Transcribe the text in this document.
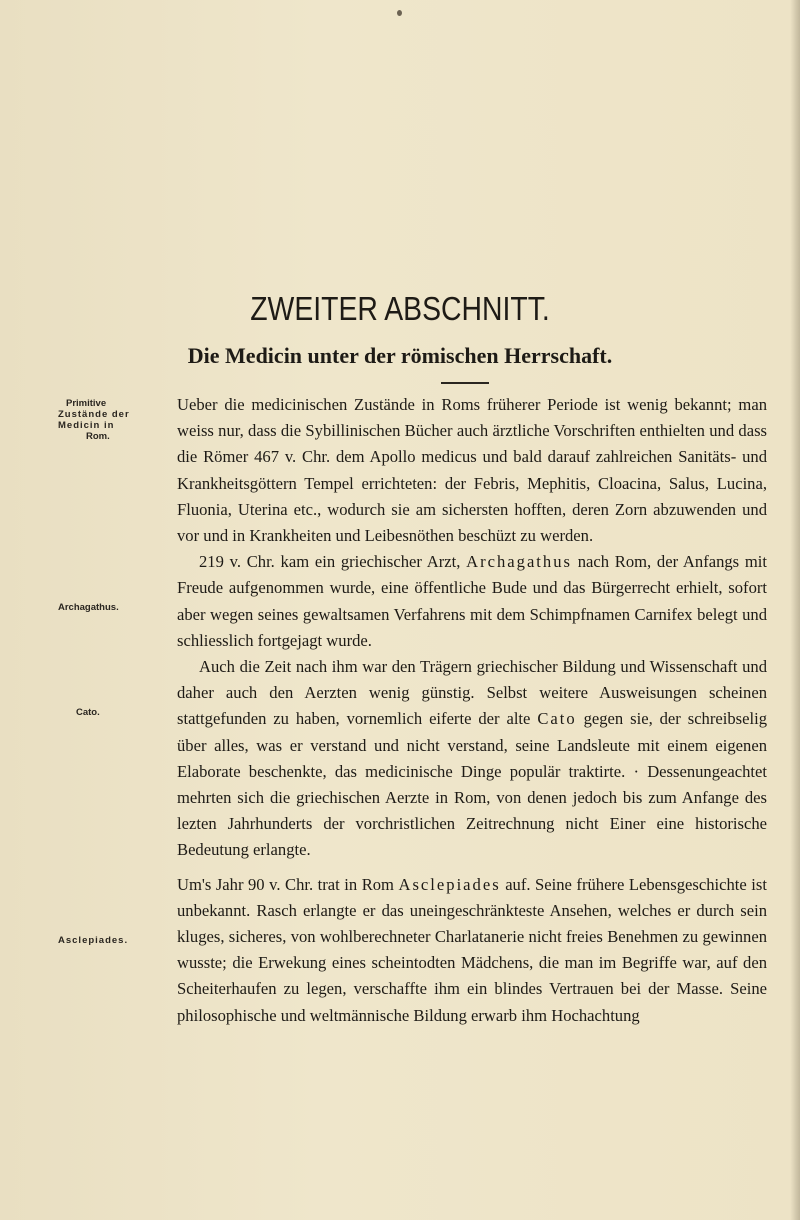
ZWEITER ABSCHNITT.
Die Medicin unter der römischen Herrschaft.
Primitive
Zustände der
Medicin in
Rom.
Archagathus.
Cato.
Asclepiades.

Ueber die medicinischen Zustände in Roms früherer Periode ist wenig bekannt; man weiss nur, dass die Sybillinischen Bücher auch ärztliche Vorschriften enthielten und dass die Römer 467 v. Chr. dem Apollo medicus und bald darauf zahlreichen Sanitäts- und Krankheitsgöttern Tempel errichteten: der Febris, Mephitis, Cloacina, Salus, Lucina, Fluonia, Uterina etc., wodurch sie am sichersten hofften, deren Zorn abzuwenden und vor und in Krankheiten und Leibesnöthen beschüzt zu werden.

219 v. Chr. kam ein griechischer Arzt, Archagathus nach Rom, der Anfangs mit Freude aufgenommen wurde, eine öffentliche Bude und das Bürgerrecht erhielt, sofort aber wegen seines gewaltsamen Verfahrens mit dem Schimpfnamen Carnifex belegt und schliesslich fortgejagt wurde.

Auch die Zeit nach ihm war den Trägern griechischer Bildung und Wissenschaft und daher auch den Aerzten wenig günstig. Selbst weitere Ausweisungen scheinen stattgefunden zu haben, vornemlich eiferte der alte Cato gegen sie, der schreibselig über alles, was er verstand und nicht verstand, seine Landsleute mit einem eigenen Elaborate beschenkte, das medicinische Dinge populär traktirte. · Dessenungeachtet mehrten sich die griechischen Aerzte in Rom, von denen jedoch bis zum Anfange des lezten Jahrhunderts der vorchristlichen Zeitrechnung nicht Einer eine historische Bedeutung erlangte.

Um's Jahr 90 v. Chr. trat in Rom Asclepiades auf. Seine frühere Lebensgeschichte ist unbekannt. Rasch erlangte er das uneingeschränkteste Ansehen, welches er durch sein kluges, sicheres, von wohlberechneter Charlatanerie nicht freies Benehmen zu gewinnen wusste; die Erwekung eines scheintodten Mädchens, die man im Begriffe war, auf den Scheiterhaufen zu legen, verschaffte ihm ein blindes Vertrauen bei der Masse. Seine philosophische und weltmännische Bildung erwarb ihm Hochachtung
